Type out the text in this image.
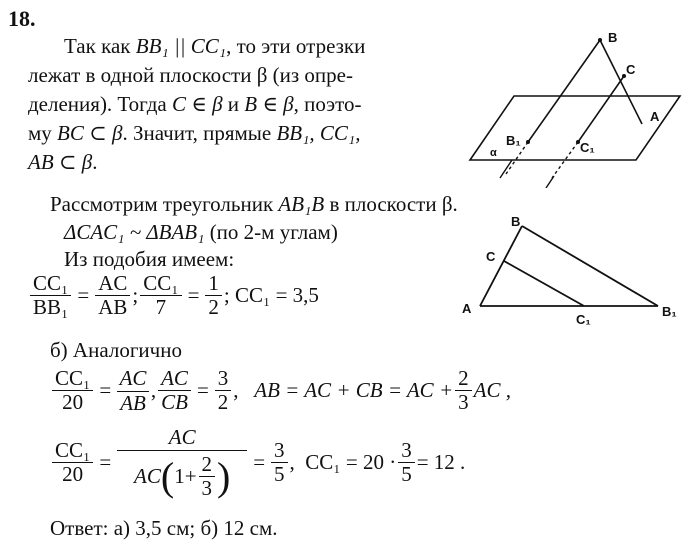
18.
Так как BB₁ || CC₁, то эти отрезки
лежат в одной плоскости β (из опре-
деления). Тогда C ∈ β и B ∈ β, поэто-
му BC ⊂ β. Значит, прямые BB₁, CC₁,
AB ⊂ β.
B
C
A
B₁	C₁
α
Рассмотрим треугольник AB₁B в плоскости β.
ΔCAC₁ ~ ΔBAB₁ (по 2-м углам)
Из подобия имеем:
B
C
A
C₁
B₁
$\frac{\text{CC₁}}{\text{BB₁}} = \frac{AC}{AB}$ ; $\frac{\text{CC₁}}{7} = \frac{1}{2}$ ; CC₁ = 3,5
б) Аналогично
$\frac{\text{CC₁}}{20} = \frac{AC}{AB}$ , $\frac{AC}{CB} = \frac{3}{2}$ , AB = AC + CB = AC + $\frac{2}{3}$ AC ,
$\frac{\text{CC₁}}{20} = \frac{AC}{AC ( 1+ \frac{2}{3} )} = \frac{3}{5}$ , $CC_1 = 20 \cdot \frac{3}{5} = 12$ .
Ответ: а) 3,5 см; б) 12 см.
